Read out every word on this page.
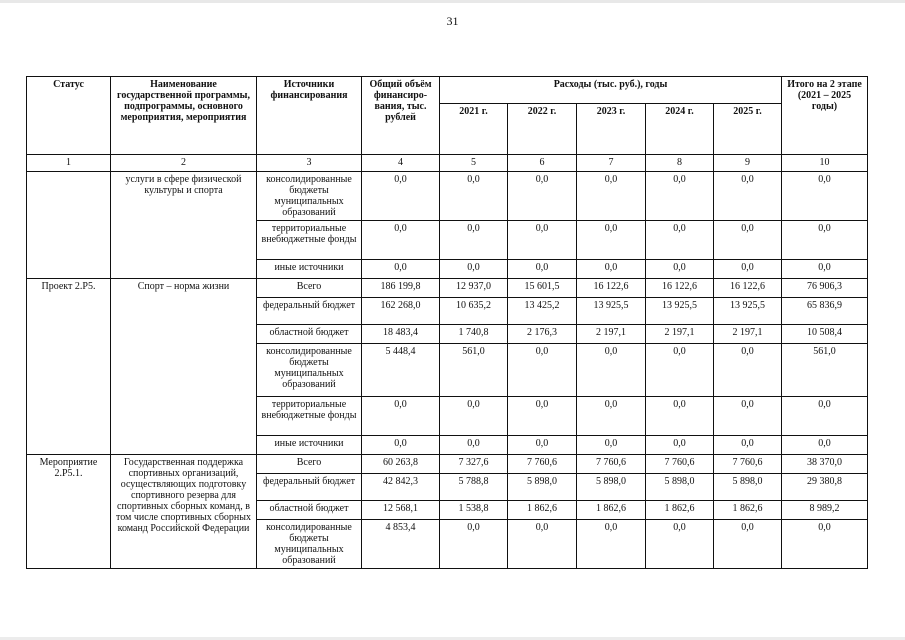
31
Статус	Наименование государственной программы, подпрограммы, основного мероприятия, мероприятия	Источники финансирования	Общий объём финансиро-вания, тыс. рублей	Расходы (тыс. руб.), годы					Итого на 2 этапе (2021 – 2025 годы)
				2021 г.	2022 г.	2023 г.	2024 г.	2025 г.	
1	2	3	4	5	6	7	8	9	10
	услуги в сфере физической культуры и спорта	консолидированные бюджеты муниципальных образований	0,0	0,0	0,0	0,0	0,0	0,0	0,0
		территориальные внебюджетные фонды	0,0	0,0	0,0	0,0	0,0	0,0	0,0
		иные источники	0,0	0,0	0,0	0,0	0,0	0,0	0,0
Проект 2.Р5.	Спорт – норма жизни	Всего	186 199,8	12 937,0	15 601,5	16 122,6	16 122,6	16 122,6	76 906,3
		федеральный бюджет	162 268,0	10 635,2	13 425,2	13 925,5	13 925,5	13 925,5	65 836,9
		областной бюджет	18 483,4	1 740,8	2 176,3	2 197,1	2 197,1	2 197,1	10 508,4
		консолидированные бюджеты муниципальных образований	5 448,4	561,0	0,0	0,0	0,0	0,0	561,0
		территориальные внебюджетные фонды	0,0	0,0	0,0	0,0	0,0	0,0	0,0
		иные источники	0,0	0,0	0,0	0,0	0,0	0,0	0,0
Мероприятие 2.Р5.1.	Государственная поддержка спортивных организаций, осуществляющих подготовку спортивного резерва для спортивных сборных команд, в том числе спортивных сборных команд Российской Федерации	Всего	60 263,8	7 327,6	7 760,6	7 760,6	7 760,6	7 760,6	38 370,0
		федеральный бюджет	42 842,3	5 788,8	5 898,0	5 898,0	5 898,0	5 898,0	29 380,8
		областной бюджет	12 568,1	1 538,8	1 862,6	1 862,6	1 862,6	1 862,6	8 989,2
		консолидированные бюджеты муниципальных образований	4 853,4	0,0	0,0	0,0	0,0	0,0	0,0
